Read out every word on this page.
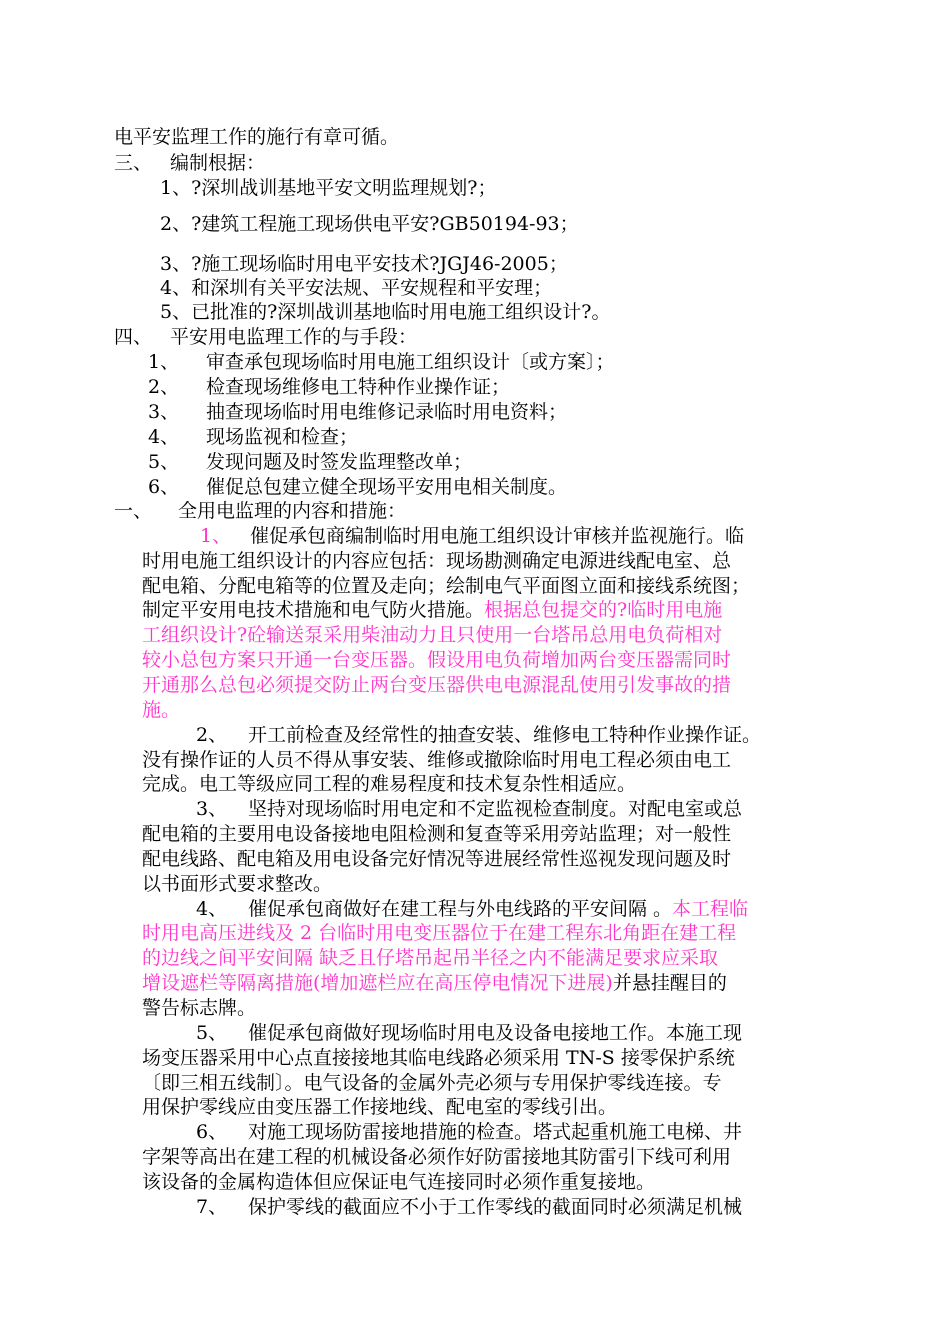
电平安监理工作的施行有章可循。
三、 编制根据：
1、?深圳战训基地平安文明监理规划?；
2、?建筑工程施工现场供电平安?GB50194-93；
3、?施工现场临时用电平安技术?JGJ46-2005；
4、和深圳有关平安法规、平安规程和平安理；
5、已批准的?深圳战训基地临时用电施工组织设计?。
四、 平安用电监理工作的与手段：
1、 审查承包现场临时用电施工组织设计〔或方案〕；
2、 检查现场维修电工特种作业操作证；
3、 抽查现场临时用电维修记录临时用电资料；
4、 现场监视和检查；
5、 发现问题及时签发监理整改单；
6、 催促总包建立健全现场平安用电相关制度。
一、 全用电监理的内容和措施：
1、 催促承包商编制临时用电施工组织设计审核并监视施行。临
时用电施工组织设计的内容应包括：现场勘测确定电源进线配电室、总
配电箱、分配电箱等的位置及走向；绘制电气平面图立面和接线系统图；
制定平安用电技术措施和电气防火措施。根据总包提交的?临时用电施
工组织设计?砼输送泵采用柴油动力且只使用一台塔吊总用电负荷相对
较小总包方案只开通一台变压器。假设用电负荷增加两台变压器需同时
开通那么总包必须提交防止两台变压器供电电源混乱使用引发事故的措
施。
2、 开工前检查及经常性的抽查安装、维修电工特种作业操作证。
没有操作证的人员不得从事安装、维修或撤除临时用电工程必须由电工
完成。电工等级应同工程的难易程度和技术复杂性相适应。
3、 坚持对现场临时用电定和不定监视检查制度。对配电室或总
配电箱的主要用电设备接地电阻检测和复查等采用旁站监理；对一般性
配电线路、配电箱及用电设备完好情况等进展经常性巡视发现问题及时
以书面形式要求整改。
4、 催促承包商做好在建工程与外电线路的平安间隔 。本工程临
时用电高压进线及 2 台临时用电变压器位于在建工程东北角距在建工程
的边线之间平安间隔 缺乏且仔塔吊起吊半径之内不能满足要求应采取
增设遮栏等隔离措施(增加遮栏应在高压停电情况下进展)并悬挂醒目的
警告标志牌。
5、 催促承包商做好现场临时用电及设备电接地工作。本施工现
场变压器采用中心点直接接地其临电线路必须采用 TN-S 接零保护系统
〔即三相五线制〕。电气设备的金属外壳必须与专用保护零线连接。专
用保护零线应由变压器工作接地线、配电室的零线引出。
6、 对施工现场防雷接地措施的检查。塔式起重机施工电梯、井
字架等高出在建工程的机械设备必须作好防雷接地其防雷引下线可利用
该设备的金属构造体但应保证电气连接同时必须作重复接地。
7、 保护零线的截面应不小于工作零线的截面同时必须满足机械
